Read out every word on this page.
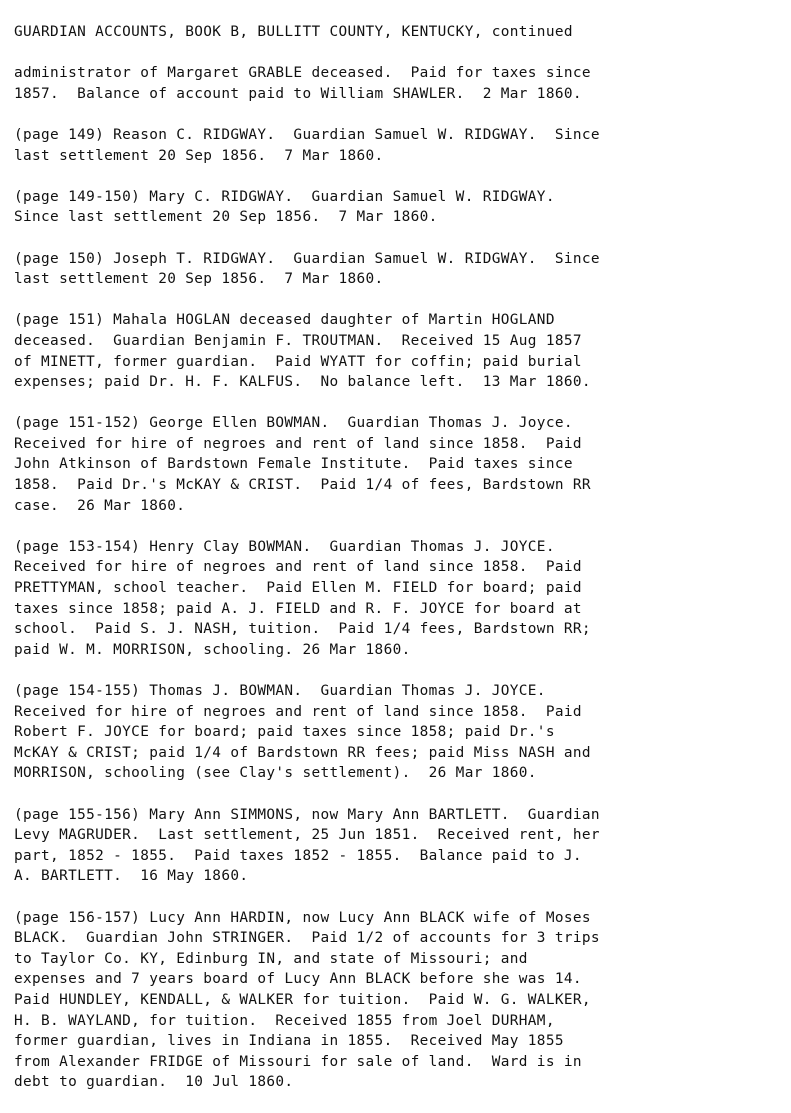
GUARDIAN ACCOUNTS, BOOK B, BULLITT COUNTY, KENTUCKY, continued
administrator of Margaret GRABLE deceased.  Paid for taxes since
1857.  Balance of account paid to William SHAWLER.  2 Mar 1860.
(page 149) Reason C. RIDGWAY.  Guardian Samuel W. RIDGWAY.  Since
last settlement 20 Sep 1856.  7 Mar 1860.
(page 149-150) Mary C. RIDGWAY.  Guardian Samuel W. RIDGWAY.
Since last settlement 20 Sep 1856.  7 Mar 1860.
(page 150) Joseph T. RIDGWAY.  Guardian Samuel W. RIDGWAY.  Since
last settlement 20 Sep 1856.  7 Mar 1860.
(page 151) Mahala HOGLAN deceased daughter of Martin HOGLAND
deceased.  Guardian Benjamin F. TROUTMAN.  Received 15 Aug 1857
of MINETT, former guardian.  Paid WYATT for coffin; paid burial
expenses; paid Dr. H. F. KALFUS.  No balance left.  13 Mar 1860.
(page 151-152) George Ellen BOWMAN.  Guardian Thomas J. Joyce.
Received for hire of negroes and rent of land since 1858.  Paid
John Atkinson of Bardstown Female Institute.  Paid taxes since
1858.  Paid Dr.'s McKAY & CRIST.  Paid 1/4 of fees, Bardstown RR
case.  26 Mar 1860.
(page 153-154) Henry Clay BOWMAN.  Guardian Thomas J. JOYCE.
Received for hire of negroes and rent of land since 1858.  Paid
PRETTYMAN, school teacher.  Paid Ellen M. FIELD for board; paid
taxes since 1858; paid A. J. FIELD and R. F. JOYCE for board at
school.  Paid S. J. NASH, tuition.  Paid 1/4 fees, Bardstown RR;
paid W. M. MORRISON, schooling. 26 Mar 1860.
(page 154-155) Thomas J. BOWMAN.  Guardian Thomas J. JOYCE.
Received for hire of negroes and rent of land since 1858.  Paid
Robert F. JOYCE for board; paid taxes since 1858; paid Dr.'s
McKAY & CRIST; paid 1/4 of Bardstown RR fees; paid Miss NASH and
MORRISON, schooling (see Clay's settlement).  26 Mar 1860.
(page 155-156) Mary Ann SIMMONS, now Mary Ann BARTLETT.  Guardian
Levy MAGRUDER.  Last settlement, 25 Jun 1851.  Received rent, her
part, 1852 - 1855.  Paid taxes 1852 - 1855.  Balance paid to J.
A. BARTLETT.  16 May 1860.
(page 156-157) Lucy Ann HARDIN, now Lucy Ann BLACK wife of Moses
BLACK.  Guardian John STRINGER.  Paid 1/2 of accounts for 3 trips
to Taylor Co. KY, Edinburg IN, and state of Missouri; and
expenses and 7 years board of Lucy Ann BLACK before she was 14.
Paid HUNDLEY, KENDALL, & WALKER for tuition.  Paid W. G. WALKER,
H. B. WAYLAND, for tuition.  Received 1855 from Joel DURHAM,
former guardian, lives in Indiana in 1855.  Received May 1855
from Alexander FRIDGE of Missouri for sale of land.  Ward is in
debt to guardian.  10 Jul 1860.
